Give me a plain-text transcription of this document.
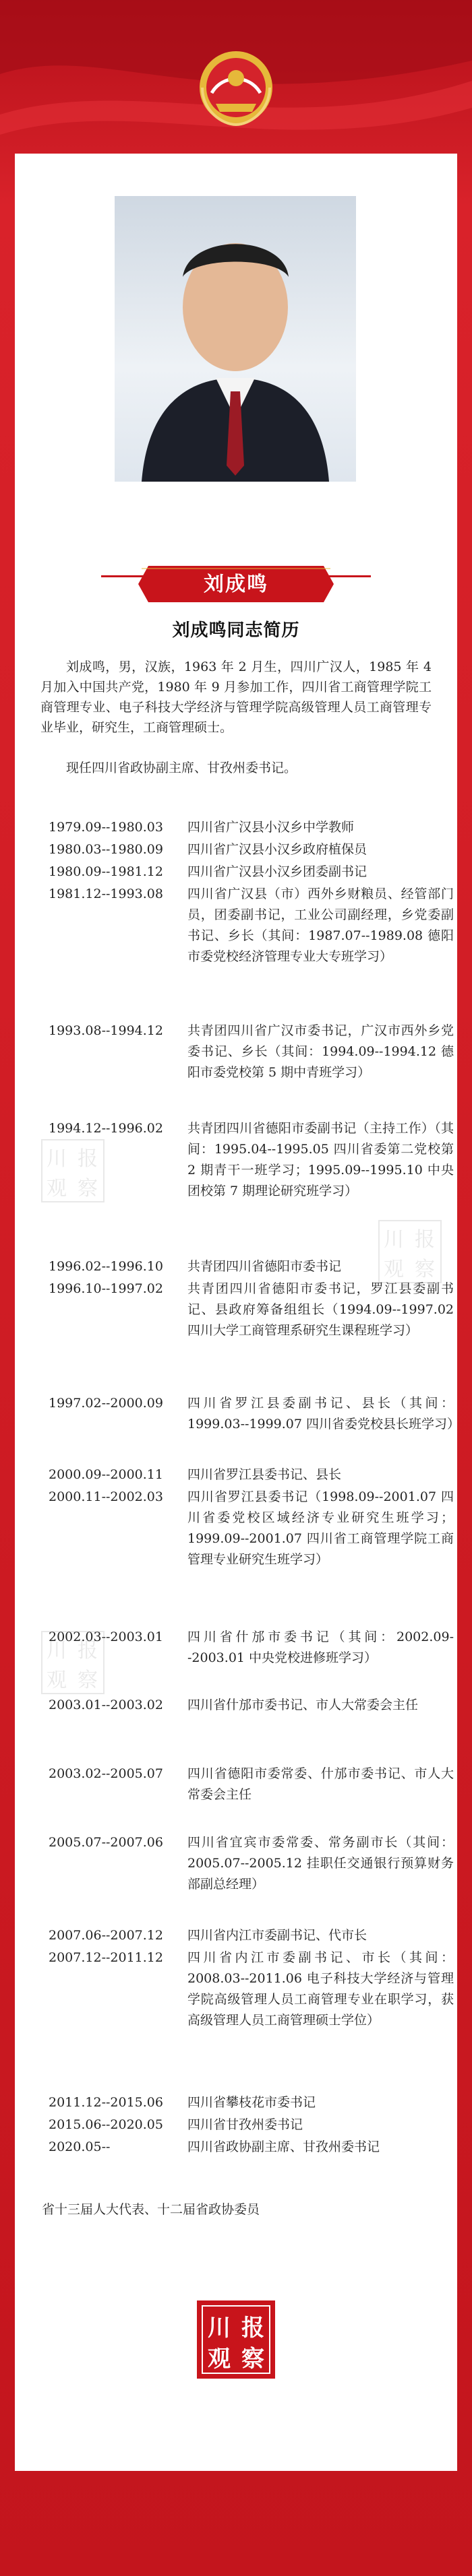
刘成鸣
刘成鸣同志简历
刘成鸣，男，汉族，1963 年 2 月生，四川广汉人，1985 年 4 月加入中国共产党，1980 年 9 月参加工作，四川省工商管理学院工商管理专业、电子科技大学经济与管理学院高级管理人员工商管理专业毕业，研究生，工商管理硕士。
现任四川省政协副主席、甘孜州委书记。
1979.09--1980.03	四川省广汉县小汉乡中学教师
1980.03--1980.09	四川省广汉县小汉乡政府植保员
1980.09--1981.12	四川省广汉县小汉乡团委副书记
1981.12--1993.08	四川省广汉县（市）西外乡财粮员、经管部门员，团委副书记，工业公司副经理，乡党委副书记、乡长（其间：1987.07--1989.08 德阳市委党校经济管理专业大专班学习）
1993.08--1994.12	共青团四川省广汉市委书记，广汉市西外乡党委书记、乡长（其间：1994.09--1994.12 德阳市委党校第 5 期中青班学习）
1994.12--1996.02	共青团四川省德阳市委副书记（主持工作）（其间：1995.04--1995.05 四川省委第二党校第 2 期青干一班学习；1995.09--1995.10 中央团校第 7 期理论研究班学习）
1996.02--1996.10	共青团四川省德阳市委书记
1996.10--1997.02	共青团四川省德阳市委书记，罗江县委副书记、县政府筹备组组长（1994.09--1997.02 四川大学工商管理系研究生课程班学习）
1997.02--2000.09	四川省罗江县委副书记、县长（其间：1999.03--1999.07 四川省委党校县长班学习）
2000.09--2000.11	四川省罗江县委书记、县长
2000.11--2002.03	四川省罗江县委书记（1998.09--2001.07 四川省委党校区域经济专业研究生班学习；1999.09--2001.07 四川省工商管理学院工商管理专业研究生班学习）
2002.03--2003.01	四川省什邡市委书记（其间：2002.09--2003.01 中央党校进修班学习）
2003.01--2003.02	四川省什邡市委书记、市人大常委会主任
2003.02--2005.07	四川省德阳市委常委、什邡市委书记、市人大常委会主任
2005.07--2007.06	四川省宜宾市委常委、常务副市长（其间：2005.07--2005.12 挂职任交通银行预算财务部副总经理）
2007.06--2007.12	四川省内江市委副书记、代市长
2007.12--2011.12	四川省内江市委副书记、市长（其间：2008.03--2011.06 电子科技大学经济与管理学院高级管理人员工商管理专业在职学习，获高级管理人员工商管理硕士学位）
2011.12--2015.06	四川省攀枝花市委书记
2015.06--2020.05	四川省甘孜州委书记
2020.05--	四川省政协副主席、甘孜州委书记
省十三届人大代表、十二届省政协委员
川 报
观 察
川 报
观 察
川 报
观 察
川 报
观 察
